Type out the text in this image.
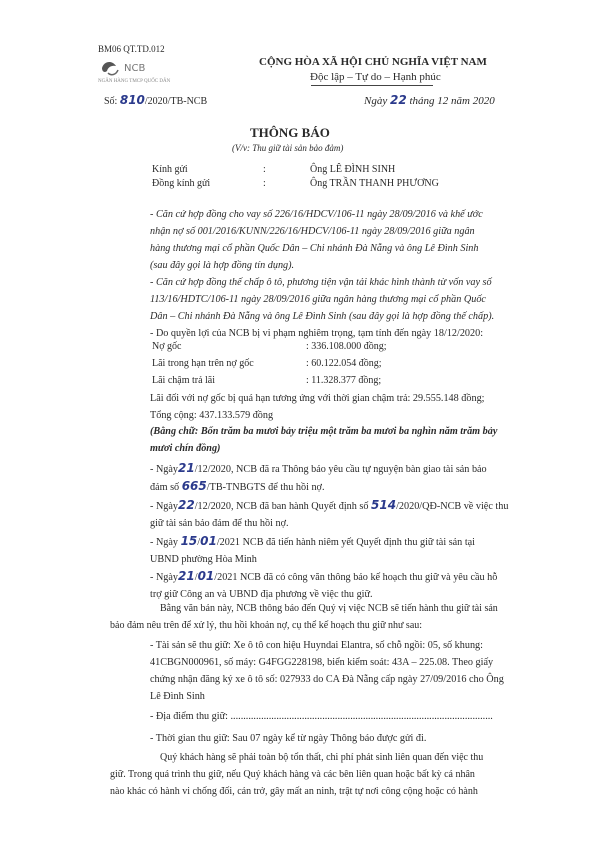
BM06 QT.TD.012
NCB
NGÂN HÀNG TMCP QUỐC DÂN
Số: 810/2020/TB-NCB
CỘNG HÒA XÃ HỘI CHỦ NGHĨA VIỆT NAM
Độc lập – Tự do – Hạnh phúc
Ngày 22 tháng 12 năm 2020
THÔNG BÁO
(V/v: Thu giữ tài sản bảo đảm)
Kính gửi	:	Ông LÊ ĐÌNH SINH
Đồng kính gửi	:	Ông TRẦN THANH PHƯƠNG
- Căn cứ hợp đồng cho vay số 226/16/HDCV/106-11 ngày 28/09/2016 và khế ước
nhận nợ số 001/2016/KUNN/226/16/HDCV/106-11 ngày 28/09/2016 giữa ngân
hàng thương mại cổ phần Quốc Dân – Chi nhánh Đà Nẵng và ông Lê Đình Sinh
(sau đây gọi là hợp đồng tín dụng).
- Căn cứ hợp đồng thế chấp ô tô, phương tiện vận tải khác hình thành từ vốn vay số
113/16/HDTC/106-11 ngày 28/09/2016 giữa ngân hàng thương mại cổ phần Quốc
Dân – Chi nhánh Đà Nẵng và ông Lê Đình Sinh (sau đây gọi là hợp đồng thế chấp).
- Do quyền lợi của NCB bị vi phạm nghiêm trọng, tạm tính đến ngày 18/12/2020:
Nợ gốc	: 336.108.000 đồng;
Lãi trong hạn trên nợ gốc	: 60.122.054 đồng;
Lãi chậm trả lãi	: 11.328.377 đồng;
Lãi đối với nợ gốc bị quá hạn tương ứng với thời gian chậm trả: 29.555.148 đồng;
Tổng cộng: 437.133.579 đồng
(Bằng chữ: Bốn trăm ba mươi bảy triệu một trăm ba mươi ba nghìn năm trăm bảy
mươi chín đồng)
- Ngày21/12/2020, NCB đã ra Thông báo yêu cầu tự nguyện bàn giao tài sản bảo
đảm số 665/TB-TNBGTS để thu hồi nợ.
- Ngày22/12/2020, NCB đã ban hành Quyết định số 514/2020/QĐ-NCB về việc thu
giữ tài sản bảo đảm để thu hồi nợ.
- Ngày 15/01/2021 NCB đã tiến hành niêm yết Quyết định thu giữ tài sản tại
UBND phường Hòa Minh
- Ngày21/01/2021 NCB đã có công văn thông báo kế hoạch thu giữ và yêu cầu hỗ
trợ giữ Công an và UBND địa phương về việc thu giữ.
Bằng văn bản này, NCB thông báo đến Quý vị việc NCB sẽ tiến hành thu giữ tài sản
bảo đảm nêu trên để xử lý, thu hồi khoản nợ, cụ thể kế hoạch thu giữ như sau:
- Tài sản sẽ thu giữ: Xe ô tô con hiệu Huyndai Elantra, số chỗ ngồi: 05, số khung:
41CBGN000961, số máy: G4FGG228198, biển kiểm soát: 43A – 225.08. Theo giấy
chứng nhận đăng ký xe ô tô số: 027933 do CA Đà Nẵng cấp ngày 27/09/2016 cho Ông
Lê Đình Sinh
- Địa điểm thu giữ: .......................................................................................................
- Thời gian thu giữ: Sau 07 ngày kể từ ngày Thông báo được gửi đi.
Quý khách hàng sẽ phải toàn bộ tổn thất, chi phí phát sinh liên quan đến việc thu
giữ. Trong quá trình thu giữ, nếu Quý khách hàng và các bên liên quan hoặc bất kỳ cá nhân
nào khác có hành vi chống đối, cản trở, gây mất an ninh, trật tự nơi công cộng hoặc có hành
